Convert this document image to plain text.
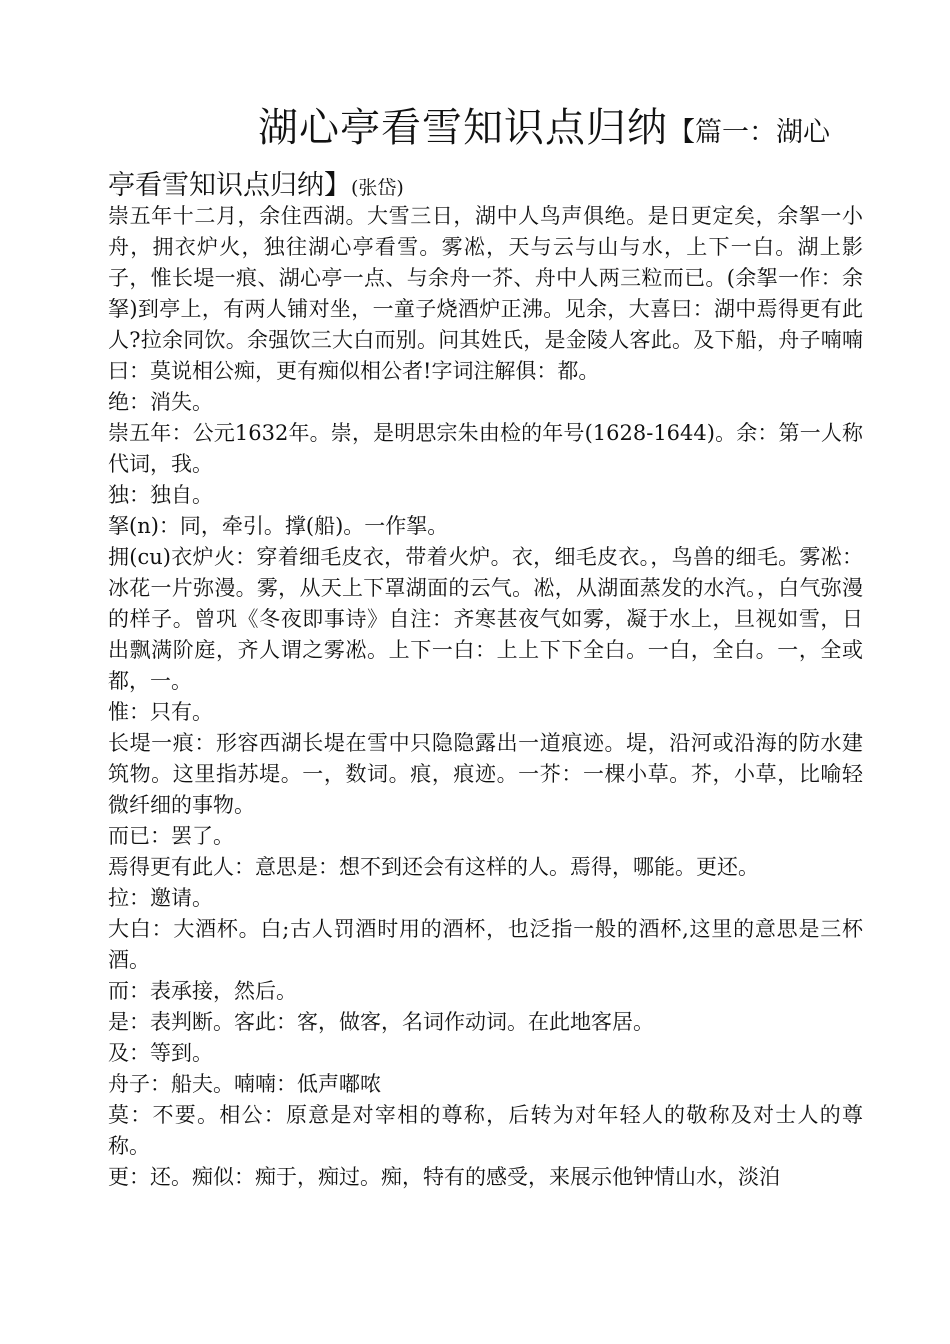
湖心亭看雪知识点归纳【篇一：湖心
亭看雪知识点归纳】(张岱)

崇五年十二月，余住西湖。大雪三日，湖中人鸟声俱绝。是日更定矣，余挐一小舟，拥衣炉火，独往湖心亭看雪。雾凇，天与云与山与水，上下一白。湖上影子，惟长堤一痕、湖心亭一点、与余舟一芥、舟中人两三粒而已。(余挐一作：余拏)到亭上，有两人铺对坐，一童子烧酒炉正沸。见余，大喜曰：湖中焉得更有此人?拉余同饮。余强饮三大白而别。问其姓氏，是金陵人客此。及下船，舟子喃喃曰：莫说相公痴，更有痴似相公者!字词注解俱：都。

绝：消失。

崇五年：公元1632年。崇，是明思宗朱由检的年号(1628-1644)。余：第一人称代词，我。

独：独自。

拏(n)：同，牵引。撑(船)。一作挐。

拥(cu)衣炉火：穿着细毛皮衣，带着火炉。衣，细毛皮衣。，鸟兽的细毛。雾凇：冰花一片弥漫。雾，从天上下罩湖面的云气。凇，从湖面蒸发的水汽。，白气弥漫的样子。曾巩《冬夜即事诗》自注：齐寒甚夜气如雾，凝于水上，旦视如雪，日出飘满阶庭，齐人谓之雾凇。上下一白：上上下下全白。一白，全白。一，全或都，一。

惟：只有。

长堤一痕：形容西湖长堤在雪中只隐隐露出一道痕迹。堤，沿河或沿海的防水建筑物。这里指苏堤。一，数词。痕，痕迹。一芥：一棵小草。芥，小草，比喻轻微纤细的事物。

而已：罢了。

焉得更有此人：意思是：想不到还会有这样的人。焉得，哪能。更还。

拉：邀请。

大白：大酒杯。白;古人罚酒时用的酒杯，也泛指一般的酒杯,这里的意思是三杯酒。

而：表承接，然后。

是：表判断。客此：客，做客，名词作动词。在此地客居。

及：等到。

舟子：船夫。喃喃：低声嘟哝

莫：不要。相公：原意是对宰相的尊称，后转为对年轻人的敬称及对士人的尊称。

更：还。痴似：痴于，痴过。痴，特有的感受，来展示他钟情山水，淡泊
